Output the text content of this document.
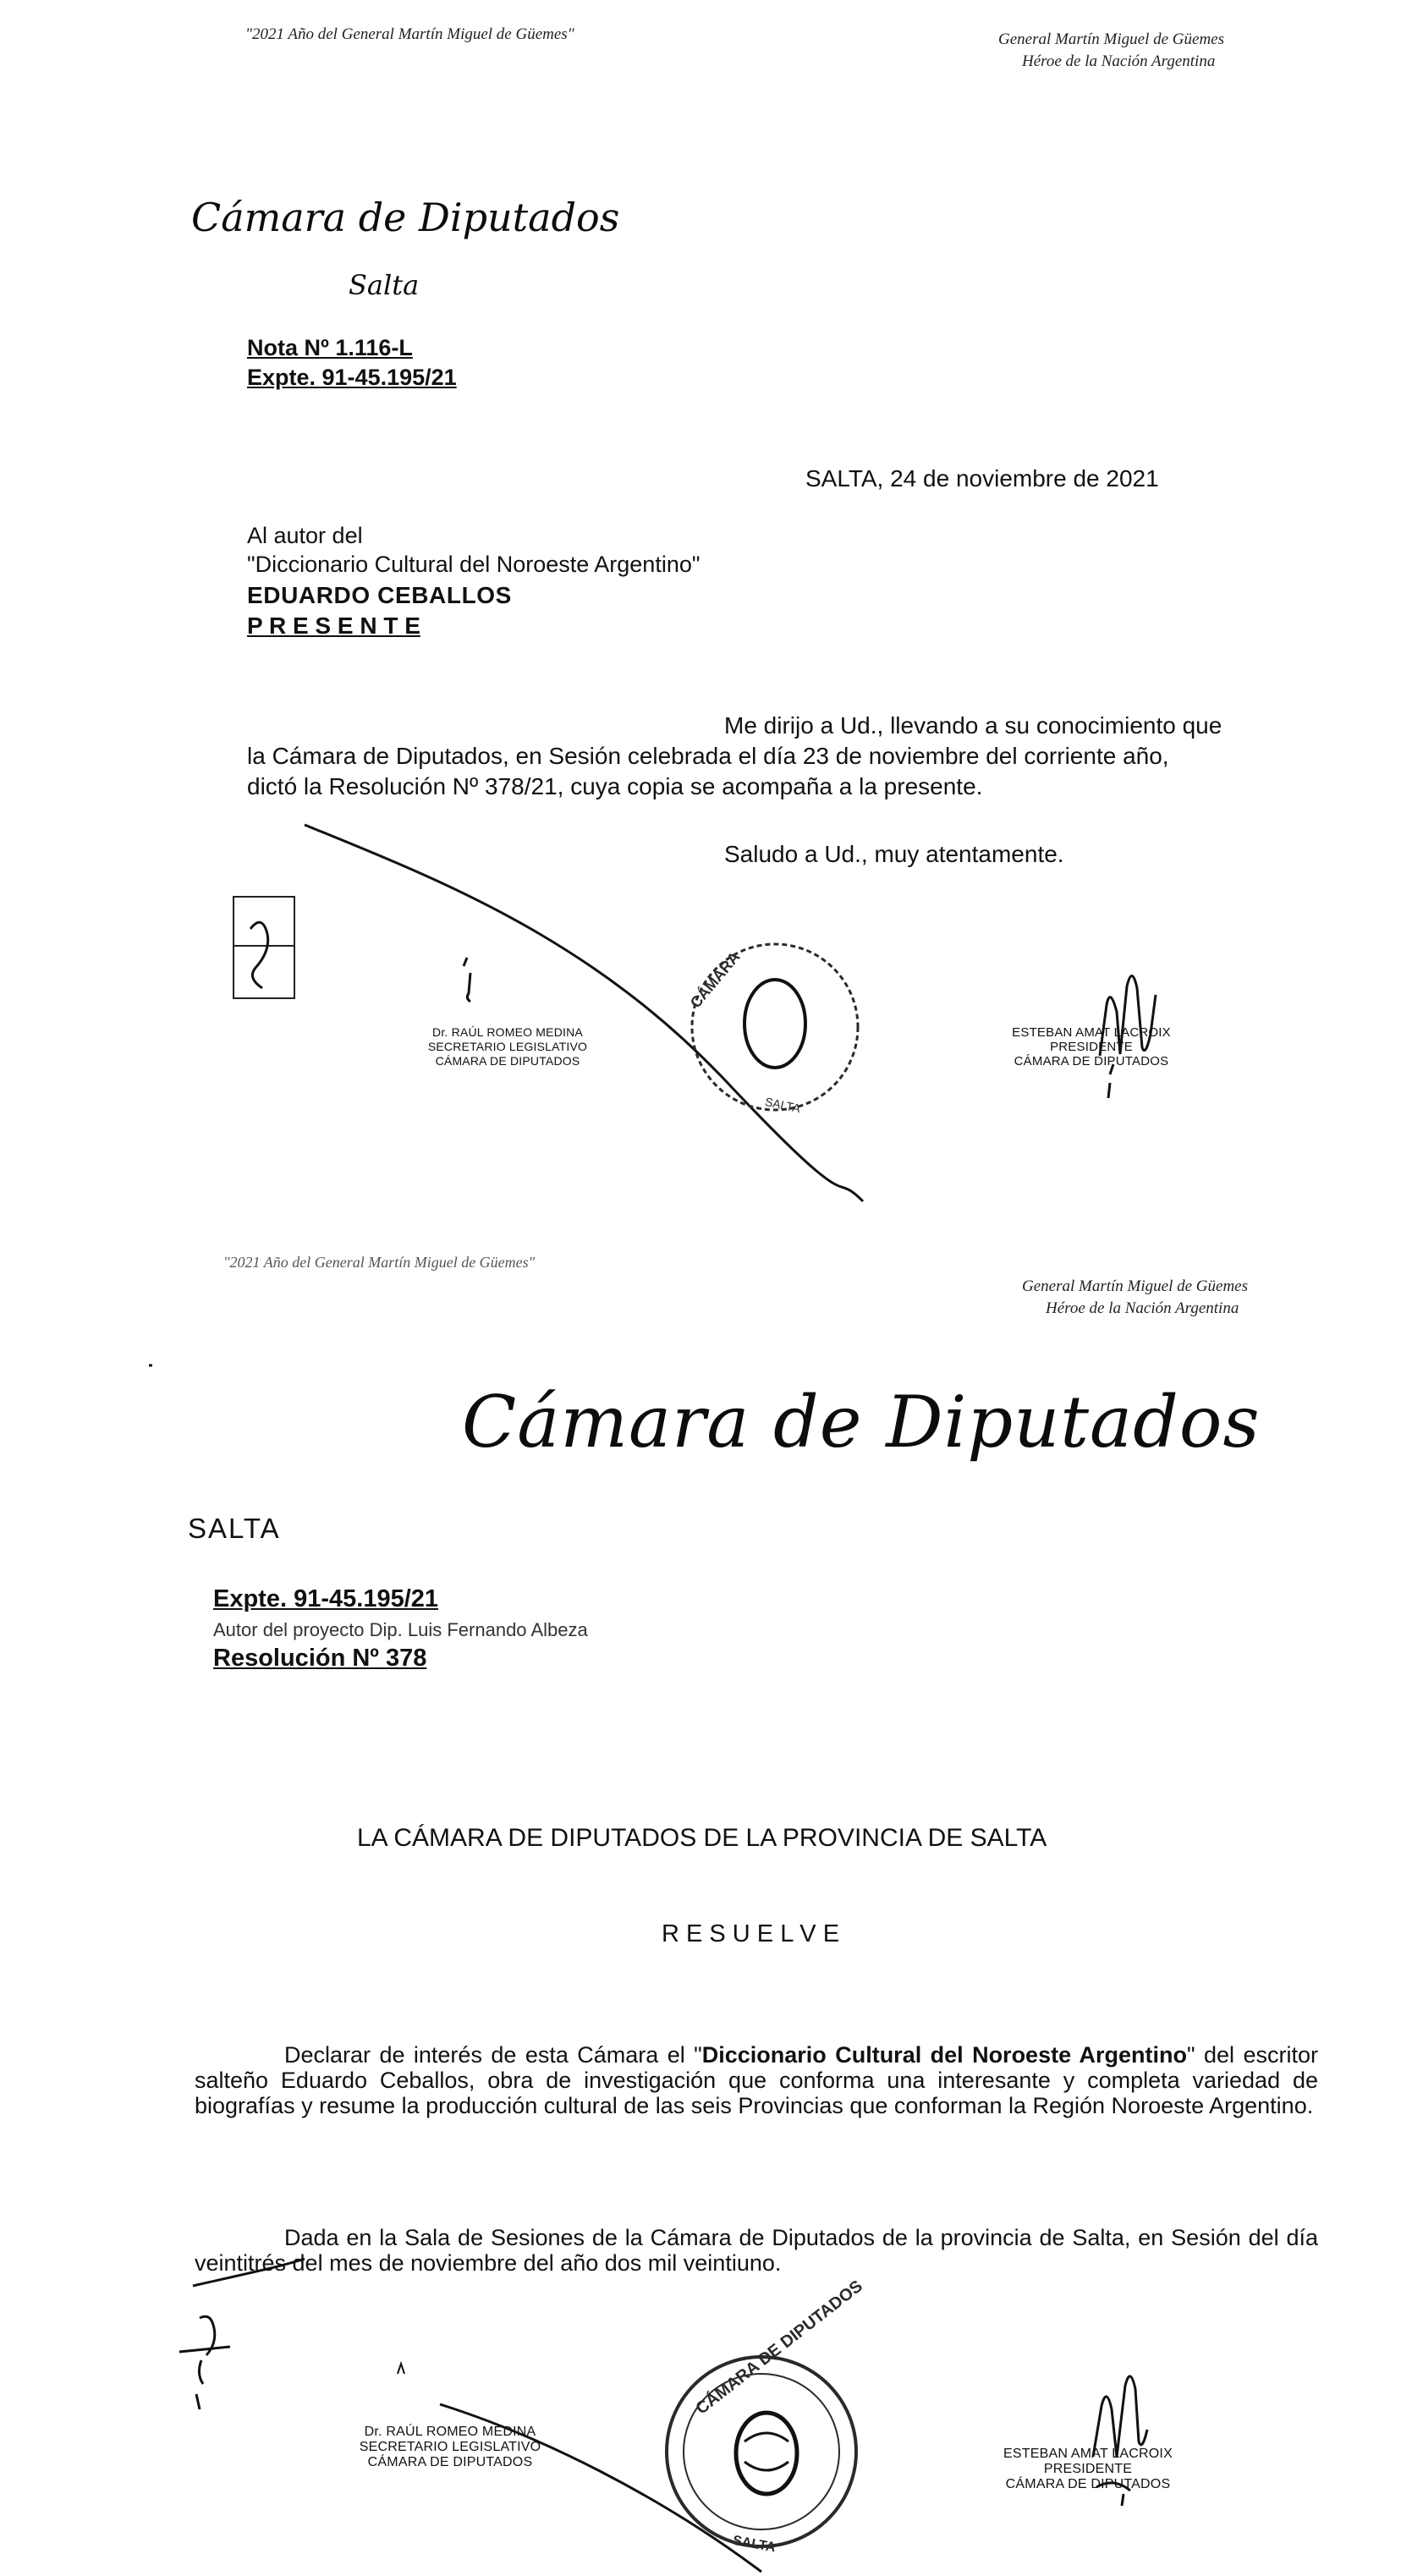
"2021 Año del General Martín Miguel de Güemes"	General Martín Miguel de Güemes
Héroe de la Nación Argentina
Cámara de Diputados
Salta
Nota Nº 1.116-L
Expte. 91-45.195/21
SALTA, 24 de noviembre de 2021
Al autor del
"Diccionario Cultural del Noroeste Argentino"
EDUARDO CEBALLOS
P R E S E N T E
Me dirijo a Ud., llevando a su conocimiento que
la Cámara de Diputados, en Sesión celebrada el día 23 de noviembre del corriente año,
dictó la Resolución Nº 378/21, cuya copia se acompaña a la presente.
Saludo a Ud., muy atentamente.
Dr. RAÚL ROMEO MEDINA
SECRETARIO LEGISLATIVO
CÁMARA DE DIPUTADOS
ESTEBAN AMAT LACROIX
PRESIDENTE
CÁMARA DE DIPUTADOS
"2021 Año del General Martín Miguel de Güemes"
General Martín Miguel de Güemes
Héroe de la Nación Argentina
Cámara de Diputados
SALTA
Expte. 91-45.195/21
Autor del proyecto Dip. Luis Fernando Albeza
Resolución Nº 378
LA CÁMARA DE DIPUTADOS DE LA PROVINCIA DE SALTA
R E S U E L V E
Declarar de interés de esta Cámara el "Diccionario Cultural del Noroeste Argentino" del escritor salteño Eduardo Ceballos, obra de investigación que conforma una interesante y completa variedad de biografías y resume la producción cultural de las seis Provincias que conforman la Región Noroeste Argentino.
Dada en la Sala de Sesiones de la Cámara de Diputados de la provincia de Salta, en Sesión del día veintitrés del mes de noviembre del año dos mil veintiuno.
Dr. RAÚL ROMEO MEDINA
SECRETARIO LEGISLATIVO
CÁMARA DE DIPUTADOS
ESTEBAN AMAT LACROIX
PRESIDENTE
CÁMARA DE DIPUTADOS
CÁMARA
SALTA
CÁMARA DE DIPUTADOS
SALTA
